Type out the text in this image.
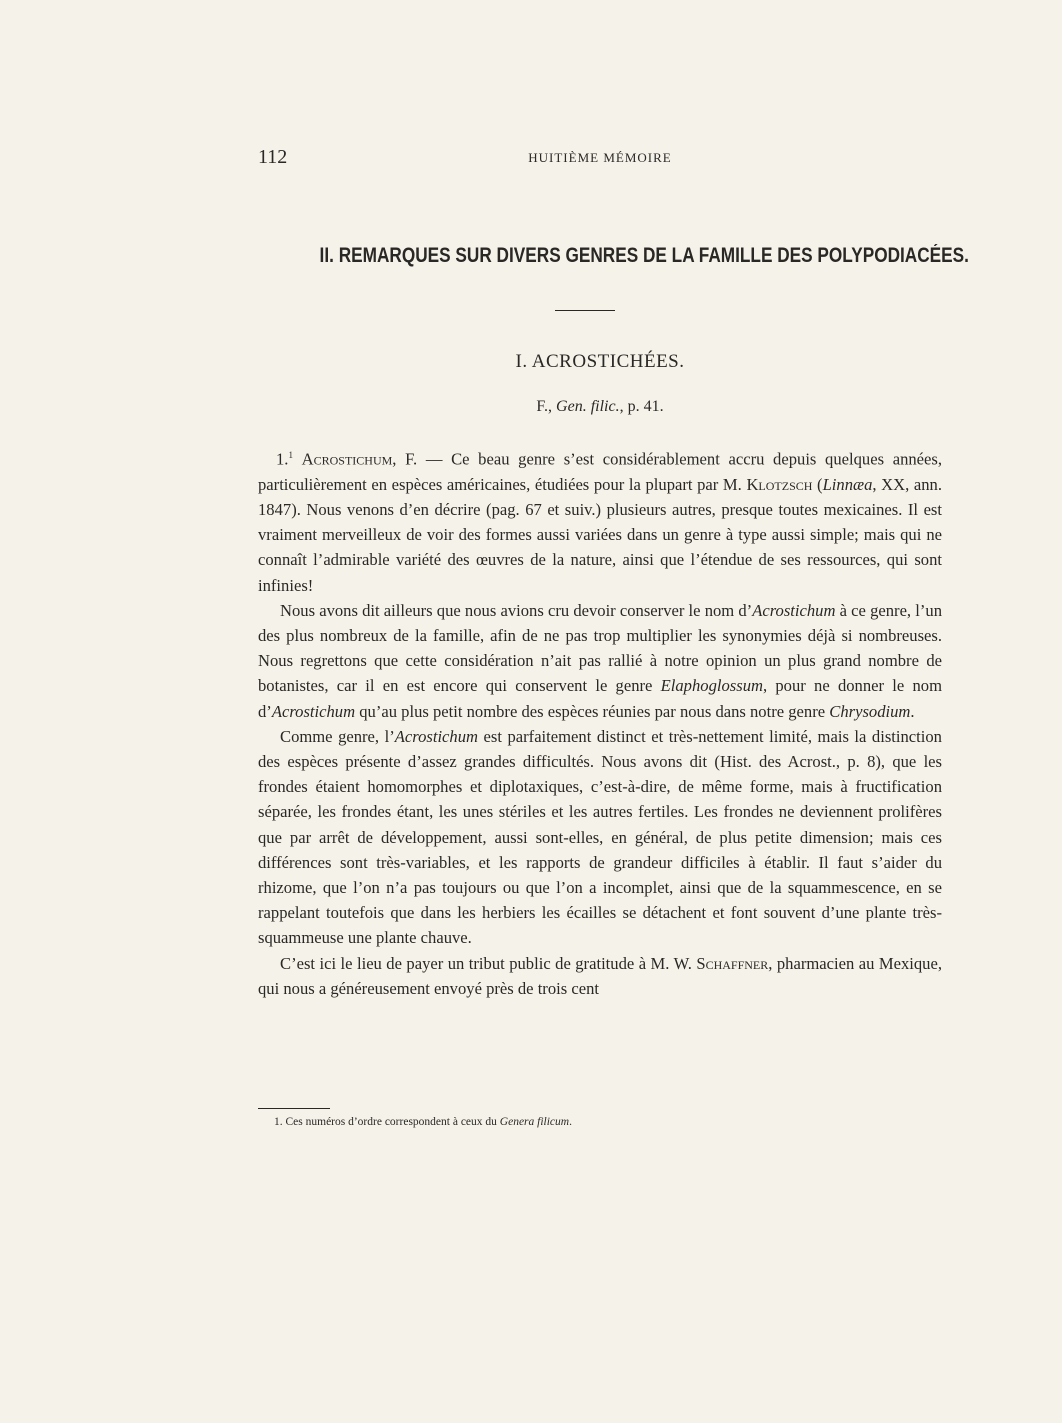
112	HUITIÈME MÉMOIRE
II. REMARQUES SUR DIVERS GENRES DE LA FAMILLE DES POLYPODIACÉES.
I. ACROSTICHÉES.
F., Gen. filic., p. 41.

1.$^1$ Acrostichum, F. — Ce beau genre s’est considérablement accru depuis quelques années, particulièrement en espèces américaines, étudiées pour la plupart par M. Klotzsch (Linnæa, XX, ann. 1847). Nous venons d’en décrire (pag. 67 et suiv.) plusieurs autres, presque toutes mexicaines. Il est vraiment merveilleux de voir des formes aussi variées dans un genre à type aussi simple; mais qui ne connaît l’admirable variété des œuvres de la nature, ainsi que l’étendue de ses ressources, qui sont infinies!

Nous avons dit ailleurs que nous avions cru devoir conserver le nom d’Acrostichum à ce genre, l’un des plus nombreux de la famille, afin de ne pas trop multiplier les synonymies déjà si nombreuses. Nous regrettons que cette considération n’ait pas rallié à notre opinion un plus grand nombre de botanistes, car il en est encore qui conservent le genre Elaphoglossum, pour ne donner le nom d’Acrostichum qu’au plus petit nombre des espèces réunies par nous dans notre genre Chrysodium.

Comme genre, l’Acrostichum est parfaitement distinct et très-nettement limité, mais la distinction des espèces présente d’assez grandes difficultés. Nous avons dit (Hist. des Acrost., p. 8), que les frondes étaient homomorphes et diplotaxiques, c’est-à-dire, de même forme, mais à fructification séparée, les frondes étant, les unes stériles et les autres fertiles. Les frondes ne deviennent prolifères que par arrêt de développement, aussi sont-elles, en général, de plus petite dimension; mais ces différences sont très-variables, et les rapports de grandeur difficiles à établir. Il faut s’aider du rhizome, que l’on n’a pas toujours ou que l’on a incomplet, ainsi que de la squammescence, en se rappelant toutefois que dans les herbiers les écailles se détachent et font souvent d’une plante très-squammeuse une plante chauve.

C’est ici le lieu de payer un tribut public de gratitude à M. W. Schaffner, pharmacien au Mexique, qui nous a généreusement envoyé près de trois cent

1. Ces numéros d’ordre correspondent à ceux du Genera filicum.
